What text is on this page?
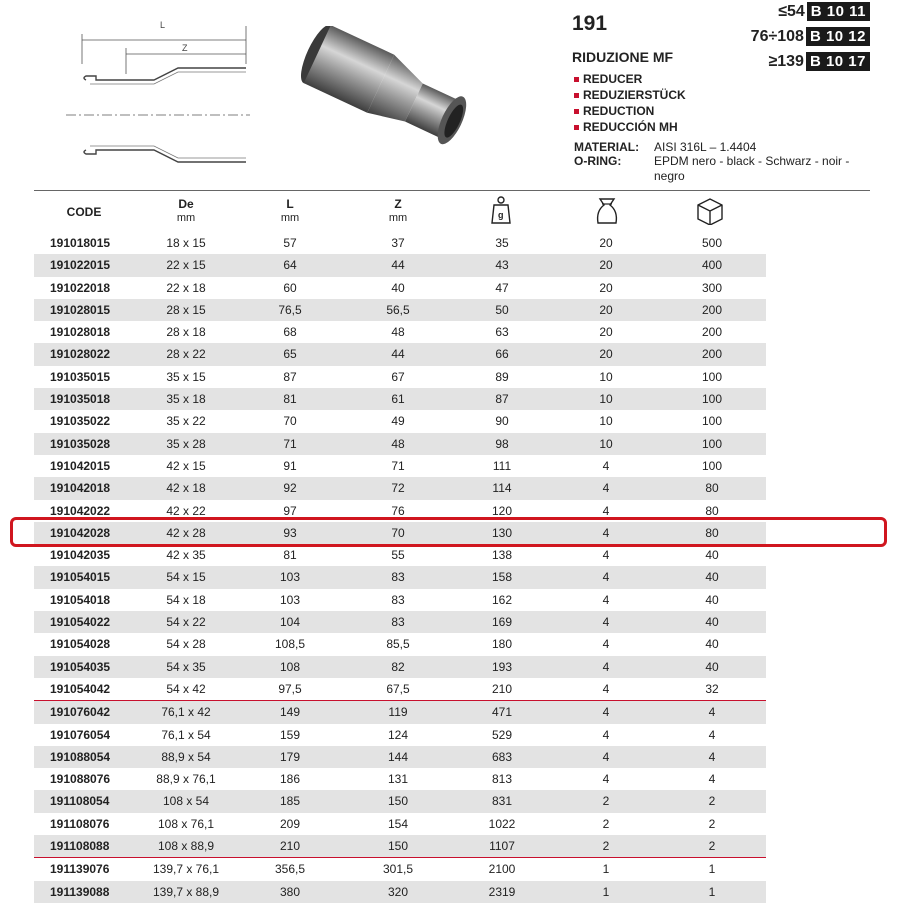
L
Z
191
RIDUZIONE MF
REDUCER
REDUZIERSTÜCK
REDUCTION
REDUCCIÓN MH
MATERIAL: AISI 316L – 1.4404
O-RING:	EPDM nero - black - Schwarz - noir -
negro
≤54 B 10 11
76÷108 B 10 12
≥139 B 10 17
CODE
De
mm
L
mm
Z
mm	g
191018015	18 x 15	57	37	35	20	500
191022015	22 x 15	64	44	43	20	400
191022018	22 x 18	60	40	47	20	300
191028015	28 x 15	76,5	56,5	50	20	200
191028018	28 x 18	68	48	63	20	200
191028022	28 x 22	65	44	66	20	200
191035015	35 x 15	87	67	89	10	100
191035018	35 x 18	81	61	87	10	100
191035022	35 x 22	70	49	90	10	100
191035028	35 x 28	71	48	98	10	100
191042015	42 x 15	91	71	111	4	100
191042018	42 x 18	92	72	114	4	80
191042022	42 x 22	97	76	120	4	80
191042028	42 x 28	93	70	130	4	80
191042035	42 x 35	81	55	138	4	40
191054015	54 x 15	103	83	158	4	40
191054018	54 x 18	103	83	162	4	40
191054022	54 x 22	104	83	169	4	40
191054028	54 x 28	108,5	85,5	180	4	40
191054035	54 x 35	108	82	193	4	40
191054042	54 x 42	97,5	67,5	210	4	32
191076042	76,1 x 42	149	119	471	4	4
191076054	76,1 x 54	159	124	529	4	4
191088054	88,9 x 54	179	144	683	4	4
191088076	88,9 x 76,1	186	131	813	4	4
191108054	108 x 54	185	150	831	2	2
191108076	108 x 76,1	209	154	1022	2	2
191108088	108 x 88,9	210	150	1107	2	2
191139076	139,7 x 76,1	356,5	301,5	2100	1	1
191139088	139,7 x 88,9	380	320	2319	1	1
